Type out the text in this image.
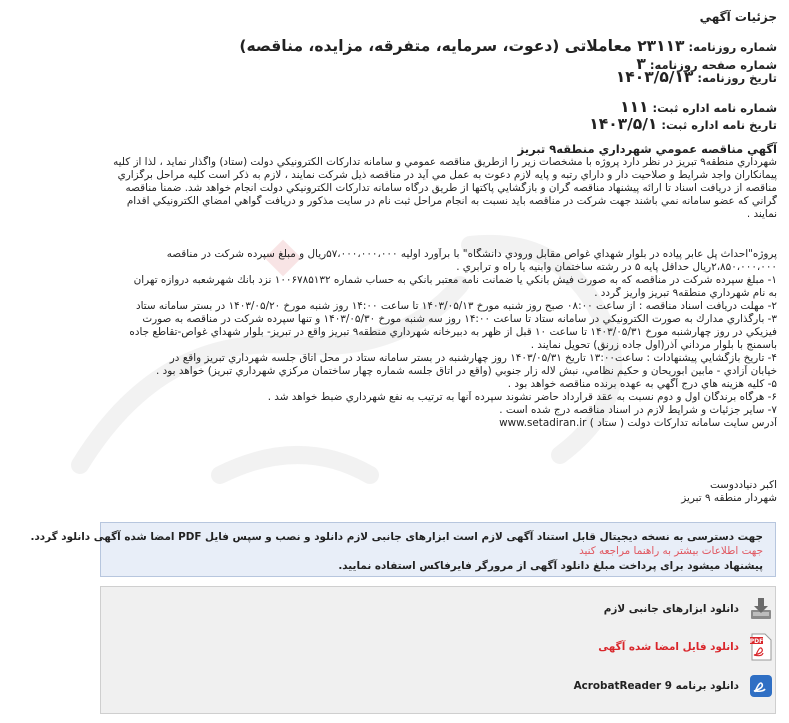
جزئيات آگهي
شماره روزنامه: ۲۳۱۱۳ معاملاتی (دعوت، سرمایه، متفرقه، مزایده، مناقصه)
شماره صفحه روزنامه: ۳
تاريخ روزنامه: ۱۴۰۳/۵/۱۳
شماره نامه اداره ثبت: ۱۱۱
تاریخ نامه اداره ثبت: ۱۴۰۳/۵/۱
آگهي مناقصه عمومي شهرداري منطقه۹ تبريز
شهرداري منطقه۹ تبريز در نظر دارد پروژه با مشخصات زير را ازطريق مناقصه عمومي و سامانه تداركات الكترونيكي دولت (ستاد) واگذار نمايد ، لذا از كليه
پيمانكاران واجد شرايط و صلاحيت دار و داراي رتبه و پايه لازم دعوت به عمل مي آيد در مناقصه ذيل شركت نمايند ، لازم به ذكر است كليه مراحل برگزاري
مناقصه از دريافت اسناد تا ارائه پيشنهاد مناقصه گران و بازگشايي پاكتها از طريق درگاه سامانه تداركات الكترونيكي دولت انجام خواهد شد. ضمناً مناقصه
گراني كه عضو سامانه نمي باشند جهت شركت در مناقصه بايد نسبت به انجام مراحل ثبت نام در سايت مذكور و دريافت گواهي امضاي الكترونيكي اقدام
نمايند .
پروژه"احداث پل عابر پياده در بلوار شهداي غواص مقابل ورودي دانشگاه" با برآورد اوليه ۵۷،۰۰۰،۰۰۰،۰۰۰ريال و مبلغ سپرده شركت در مناقصه
۲،۸۵۰،۰۰۰،۰۰۰ريال حداقل پايه ۵ در رشته ساختمان وابنيه يا راه و ترابري .
۱- مبلغ سپرده شركت در مناقصه كه به صورت فيش بانكي يا ضمانت نامه معتبر بانكي به حساب شماره ۱۰۰۶۷۸۵۱۳۲ نزد بانك شهرشعبه دروازه تهران
به نام شهرداري منطقه۹ تبريز واريز گردد .
۲- مهلت دريافت اسناد مناقصه : از ساعت ۰۸:۰۰ صبح روز شنبه مورخ ۱۴۰۳/۰۵/۱۳ تا ساعت ۱۴:۰۰ روز شنبه مورخ ۱۴۰۳/۰۵/۲۰ در بستر سامانه ستاد
۳- بارگذاري مدارك به صورت الكترونيكي در سامانه ستاد تا ساعت ۱۴:۰۰ روز سه شنبه مورخ ۱۴۰۳/۰۵/۳۰ و تنها سپرده شركت در مناقصه به صورت
فيزيكي در روز چهارشنبه مورخ ۱۴۰۳/۰۵/۳۱ تا ساعت ۱۰ قبل از ظهر به دبيرخانه شهرداري منطقه۹ تبريز واقع در تبريز- بلوار شهداي غواص-تقاطع جاده
باسمنج با بلوار مرداني آذر(اول جاده زرنق) تحويل نمايند .
۴- تاريخ بازگشايي پيشنهادات : ساعت۱۳:۰۰ تاريخ ۱۴۰۳/۰۵/۳۱ روز چهارشنبه در بستر سامانه ستاد در محل اتاق جلسه شهرداري تبريز واقع در
خيابان آزادي - مابين ابوريحان و حكيم نظامي، نبش لاله زار جنوبي (واقع در اتاق جلسه شماره چهار ساختمان مركزي شهرداري تبريز) خواهد بود .
۵- كليه هزينه هاي درج آگهي به عهده برنده مناقصه خواهد بود .
۶- هرگاه برندگان اول و دوم نسبت به عقد قرارداد حاضر نشوند سپرده آنها به ترتيب به نفع شهرداري ضبط خواهد شد .
۷- ساير جزئيات و شرايط لازم در اسناد مناقصه درج شده است .
آدرس سايت سامانه تداركات دولت ( ستاد ) www.setadiran.ir
اكبر دنياددوست
شهردار منطقه ۹ تبريز
جهت دسترسی به نسخه دیجیتال قابل استناد آگهی لازم است ابزارهای جانبی لازم دانلود و نصب و سپس فایل PDF امضا شده آگهی دانلود گردد.
جهت اطلاعات بیشتر به راهنما مراجعه کنید
پیشنهاد میشود برای پرداخت مبلغ دانلود آگهی از مرورگر فایرفاکس استفاده نمایید.
دانلود ابزارهای جانبی لازم
PDF
دانلود فایل امضا شده آگهی
دانلود برنامه AcrobatReader 9
